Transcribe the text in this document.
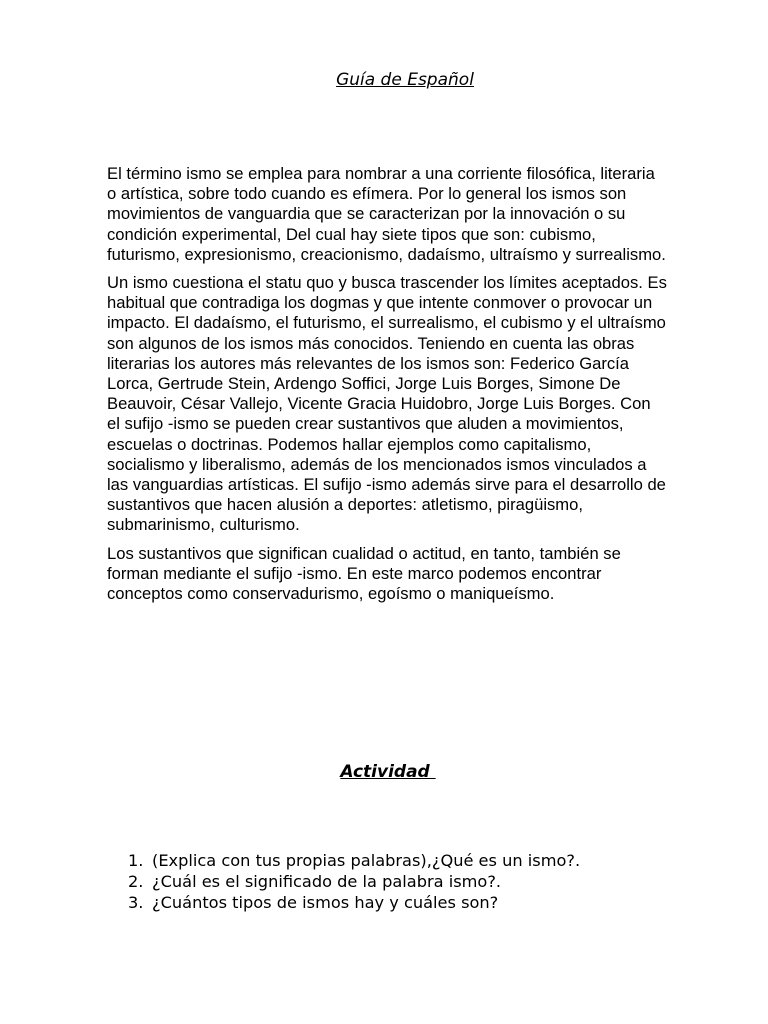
Guía de Español

El término ismo se emplea para nombrar a una corriente filosófica, literaria o artística, sobre todo cuando es efímera. Por lo general los ismos son movimientos de vanguardia que se caracterizan por la innovación o su condición experimental, Del cual hay siete tipos que son: cubismo, futurismo, expresionismo, creacionismo, dadaísmo, ultraísmo y surrealismo.

Un ismo cuestiona el statu quo y busca trascender los límites aceptados. Es habitual que contradiga los dogmas y que intente conmover o provocar un impacto. El dadaísmo, el futurismo, el surrealismo, el cubismo y el ultraísmo son algunos de los ismos más conocidos. Teniendo en cuenta las obras literarias los autores más relevantes de los ismos son: Federico García Lorca, Gertrude Stein, Ardengo Soffici, Jorge Luis Borges, Simone De Beauvoir, César Vallejo, Vicente Gracia Huidobro, Jorge Luis Borges. Con el sufijo -ismo se pueden crear sustantivos que aluden a movimientos, escuelas o doctrinas. Podemos hallar ejemplos como capitalismo, socialismo y liberalismo, además de los mencionados ismos vinculados a las vanguardias artísticas. El sufijo -ismo además sirve para el desarrollo de sustantivos que hacen alusión a deportes: atletismo, piragüismo, submarinismo, culturismo.

Los sustantivos que significan cualidad o actitud, en tanto, también se forman mediante el sufijo -ismo. En este marco podemos encontrar conceptos como conservadurismo, egoísmo o maniqueísmo.

Actividad
1. (Explica con tus propias palabras),¿Qué es un ismo?.
2. ¿Cuál es el significado de la palabra ismo?.
3. ¿Cuántos tipos de ismos hay y cuáles son?
